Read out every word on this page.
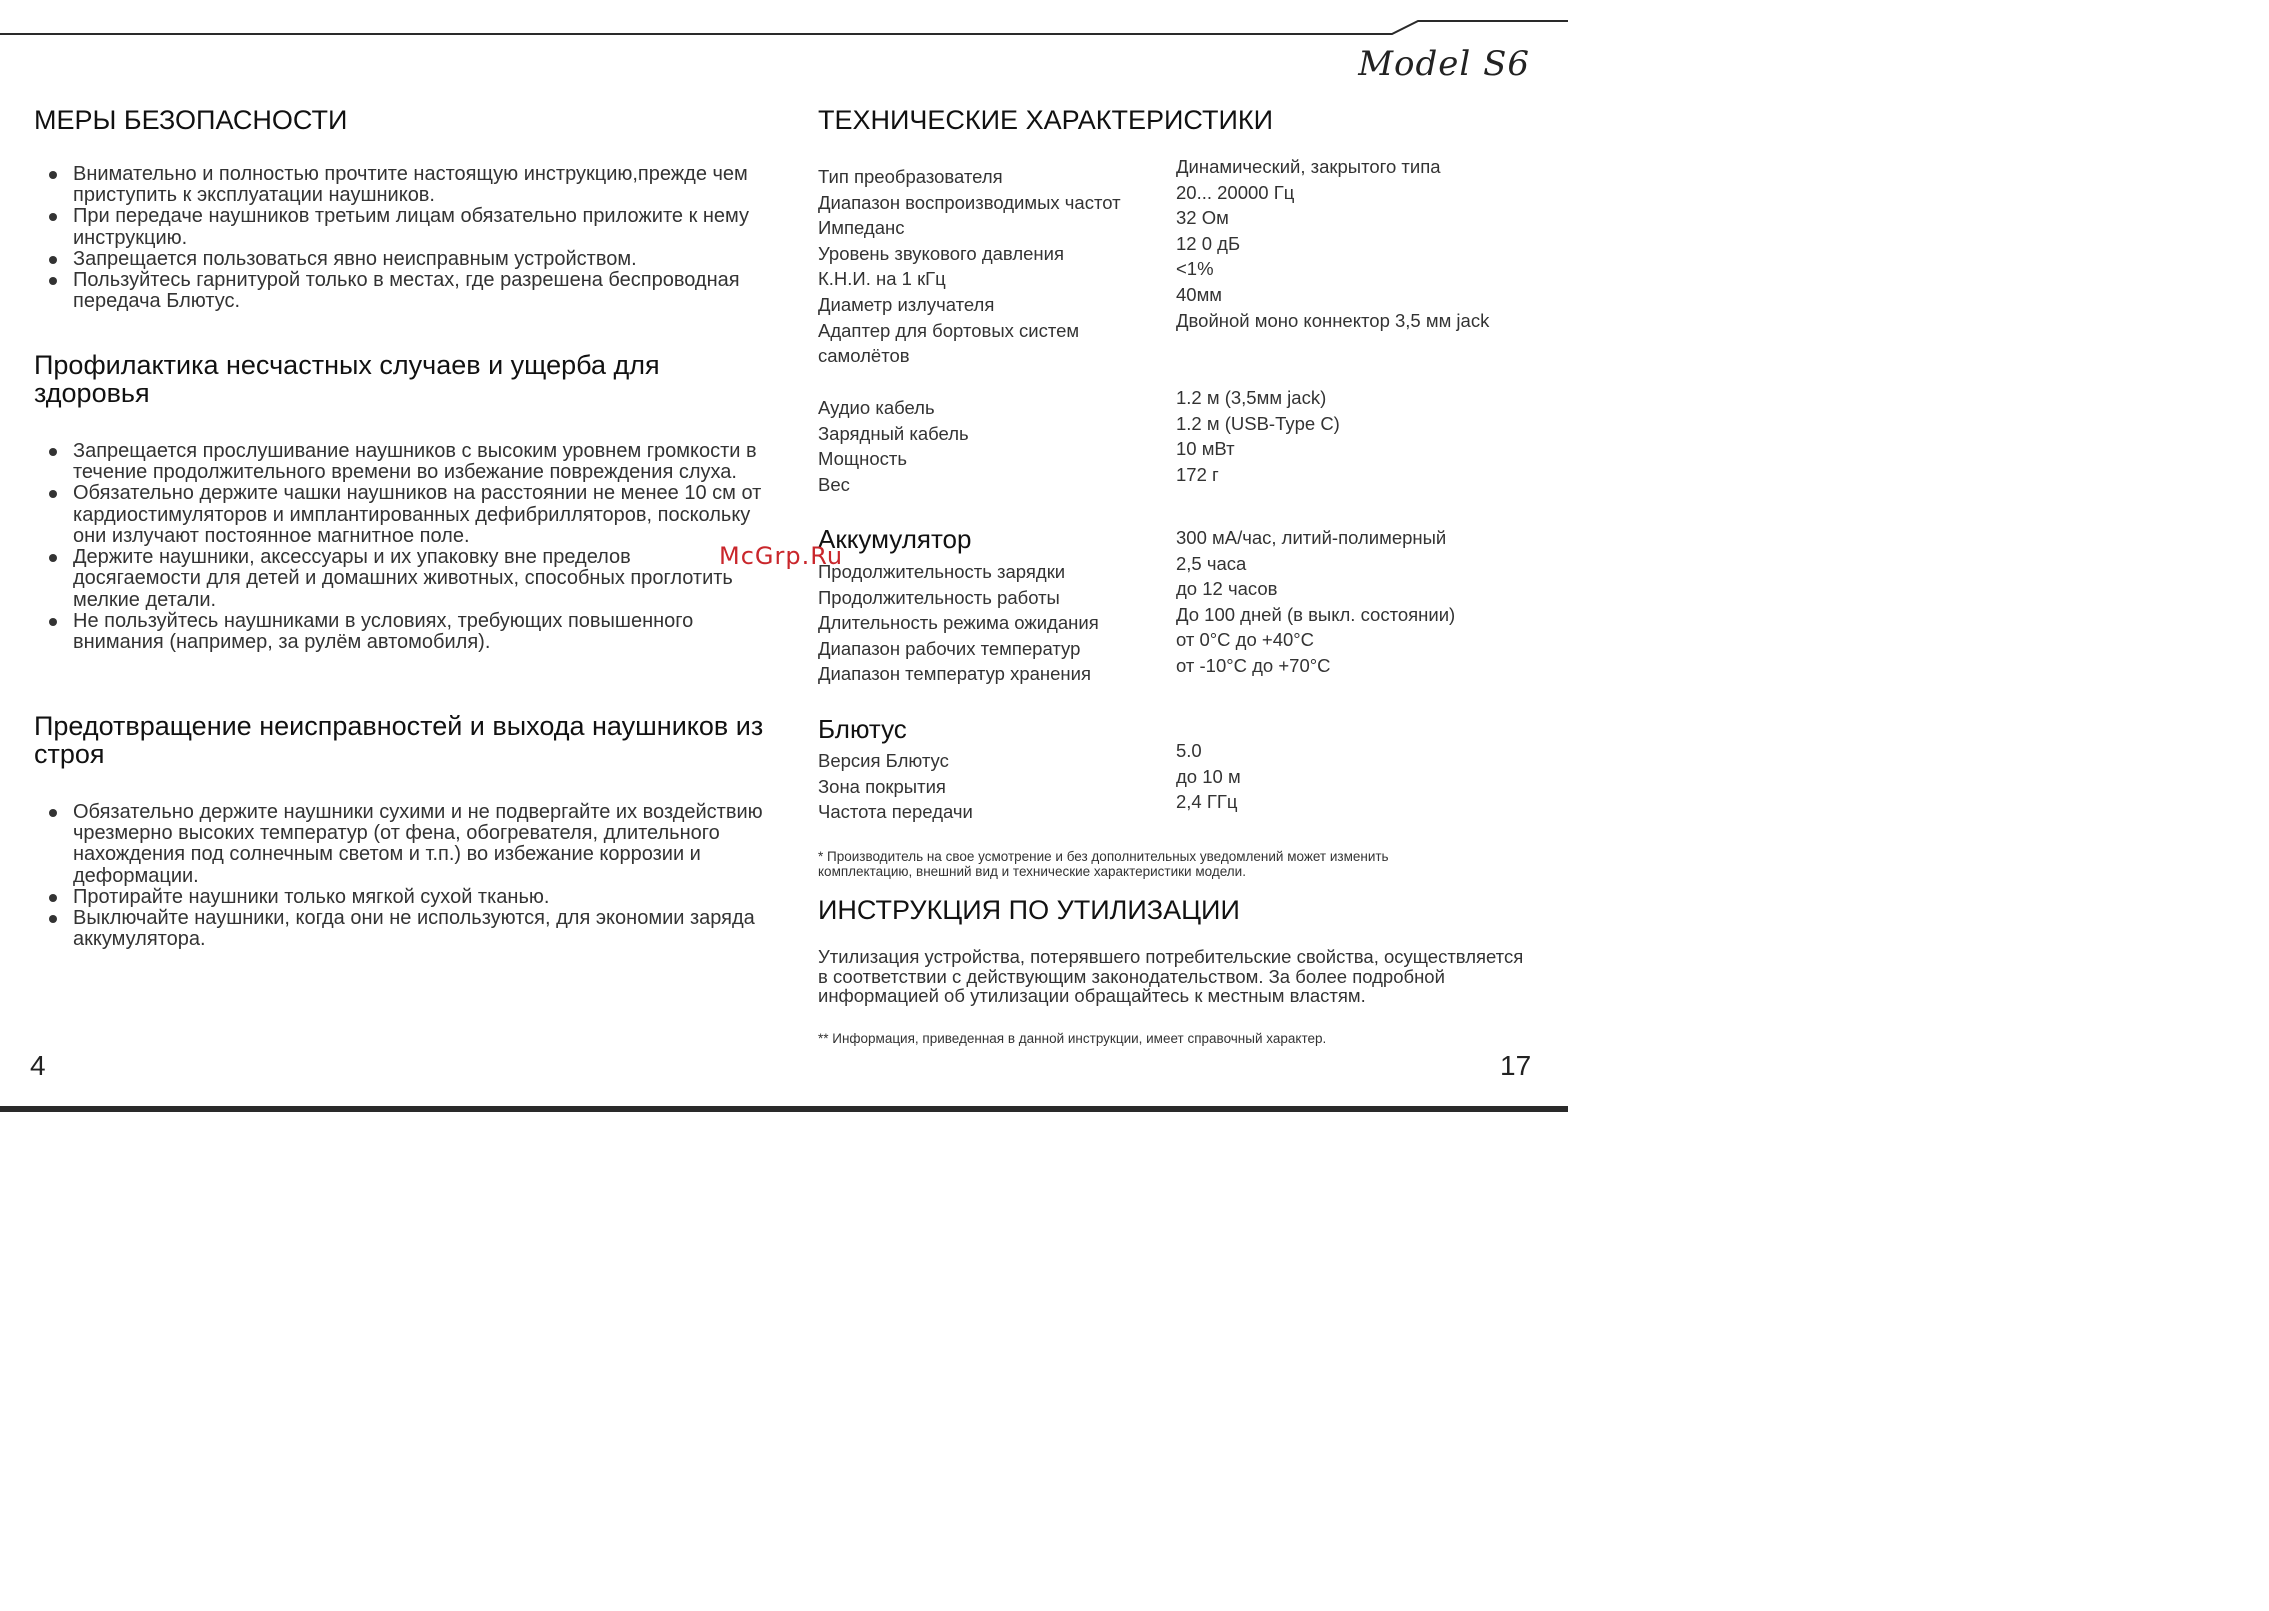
Model S6
МЕРЫ БЕЗОПАСНОСТИ
Внимательно и полностью прочтите настоящую инструкцию,прежде чем приступить к эксплуатации наушников.
При передаче наушников третьим лицам обязательно приложите к нему инструкцию.
Запрещается пользоваться явно неисправным устройством.
Пользуйтесь гарнитурой только в местах, где разрешена беспроводная передача Блютус.
Профилактика несчастных случаев и ущерба для здоровья
Запрещается прослушивание наушников с высоким уровнем громкости в течение продолжительного времени во избежание повреждения слуха.
Обязательно держите чашки наушников на расстоянии не менее 10 см от кардиостимуляторов и имплантированных дефибрилляторов, поскольку они излучают постоянное магнитное поле.
Держите наушники, аксессуары и их упаковку вне пределов досягаемости для детей и домашних животных, способных проглотить мелкие детали.
Не пользуйтесь наушниками в условиях, требующих повышенного внимания (например, за рулём автомобиля).
Предотвращение неисправностей и выхода наушников из строя
Обязательно держите наушники сухими и не подвергайте их воздействию чрезмерно высоких температур (от фена, обогревателя, длительного нахождения под солнечным светом и т.п.) во избежание коррозии и деформации.
Протирайте наушники только мягкой сухой тканью.
Выключайте наушники, когда они не используются, для экономии заряда аккумулятора.
4
ТЕХНИЧЕСКИЕ ХАРАКТЕРИСТИКИ
Тип преобразователя
Диапазон воспроизводимых частот
Импеданс
Уровень звукового давления
К.Н.И. на 1 кГц
Диаметр излучателя
Адаптер для бортовых систем
самолётов
Динамический, закрытого типа
20... 20000 Гц
32 Ом
12 0 дБ
<1%
40мм
Двойной моно коннектор 3,5 мм jack
Аудио кабель
Зарядный кабель
Мощность
Вес
1.2 м (3,5мм jack)
1.2 м (USB-Type C)
10 мВт
172 г
Аккумулятор
Продолжительность зарядки
Продолжительность работы
Длительность режима ожидания
Диапазон рабочих температур
Диапазон температур хранения
300 мА/час, литий-полимерный
2,5 часа
до 12 часов
До 100 дней (в выкл. состоянии)
от 0°C до +40°C
от -10°C до +70°C
Блютус
Версия Блютус
Зона покрытия
Частота передачи
5.0
до 10 м
2,4 ГГц
* Производитель на свое усмотрение и без дополнительных уведомлений может изменить комплектацию, внешний вид и технические характеристики модели.
ИНСТРУКЦИЯ ПО УТИЛИЗАЦИИ
Утилизация устройства, потерявшего потребительские свойства, осуществляется в соответствии с действующим законодательством. За более подробной информацией об утилизации обращайтесь к местным властям.
** Информация, приведенная в данной инструкции, имеет справочный характер.
17
McGrp.Ru
